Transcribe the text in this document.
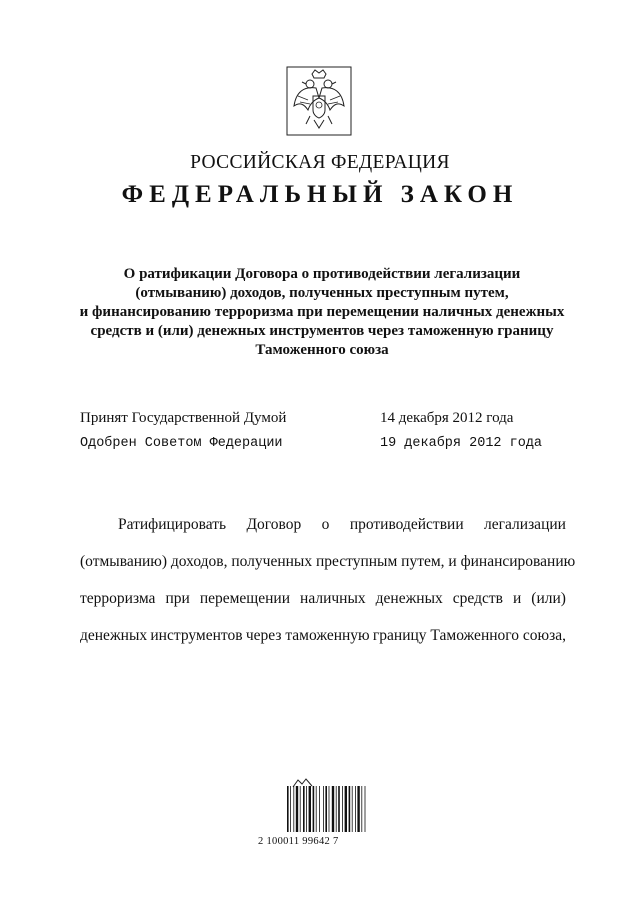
РОССИЙСКАЯ ФЕДЕРАЦИЯ
ФЕДЕРАЛЬНЫЙ ЗАКОН
О ратификации Договора о противодействии легализации
(отмыванию) доходов, полученных преступным путем,
и финансированию терроризма при перемещении наличных денежных
средств и (или) денежных инструментов через таможенную границу
Таможенного союза
Принят Государственной Думой	14 декабря 2012 года
Одобрен Советом Федерации	19 декабря 2012 года
Ратифицировать Договор о противодействии легализации
(отмыванию) доходов, полученных преступным путем, и финансированию
терроризма при перемещении наличных денежных средств и (или)
денежных инструментов через таможенную границу Таможенного союза,
2 100011 99642 7
